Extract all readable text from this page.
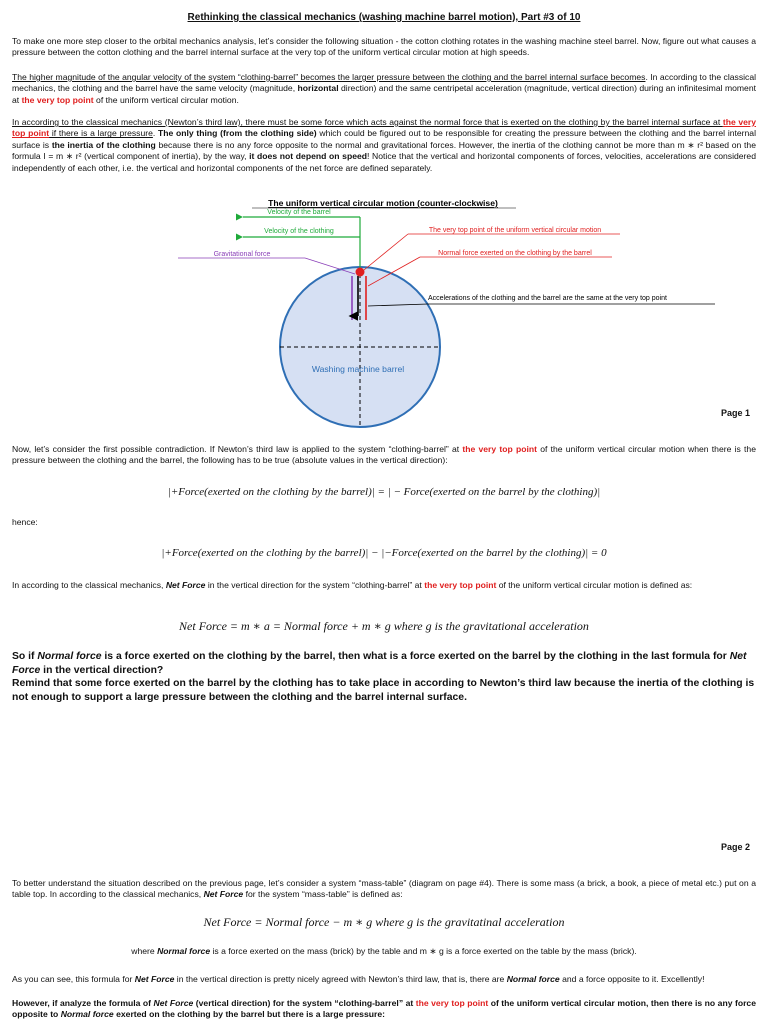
Rethinking the classical mechanics (washing machine barrel motion), Part #3 of 10
To make one more step closer to the orbital mechanics analysis, let’s consider the following situation - the cotton clothing rotates in the washing machine steel barrel. Now, figure out what causes a pressure between the cotton clothing and the barrel internal surface at the very top of the uniform vertical circular motion at high speeds.
The higher magnitude of the angular velocity of the system “clothing-barrel” becomes the larger pressure between the clothing and the barrel internal surface becomes. In according to the classical mechanics, the clothing and the barrel have the same velocity (magnitude, horizontal direction) and the same centripetal acceleration (magnitude, vertical direction) during an infinitesimal moment at the very top point of the uniform vertical circular motion.
In according to the classical mechanics (Newton’s third law), there must be some force which acts against the normal force that is exerted on the clothing by the barrel internal surface at the very top point if there is a large pressure. The only thing (from the clothing side) which could be figured out to be responsible for creating the pressure between the clothing and the barrel internal surface is the inertia of the clothing because there is no any force opposite to the normal and gravitational forces. However, the inertia of the clothing cannot be more than m ∗ r² based on the formula I = m ∗ r² (vertical component of inertia), by the way, it does not depend on speed! Notice that the vertical and horizontal components of forces, velocities, accelerations are considered independently of each other, i.e. the vertical and horizontal components of the net force are defined separately.
The uniform vertical circular motion (counter-clockwise)
Washing machine barrel
Velocity of the barrel
Velocity of the clothing
Gravitational force
The very top point of the uniform vertical circular motion
Normal force exerted on the clothing by the barrel
Accelerations of the clothing and the barrel are the same at the very top point
Page 1
Now, let’s consider the first possible contradiction. If Newton’s third law is applied to the system “clothing-barrel” at the very top point of the uniform vertical circular motion when there is the pressure between the clothing and the barrel, the following has to be true (absolute values in the vertical direction):
|+Force(exerted on the clothing by the barrel)| = | − Force(exerted on the barrel by the clothing)|
hence:
|+Force(exerted on the clothing by the barrel)| − |−Force(exerted on the barrel by the clothing)| = 0
In according to the classical mechanics, Net Force in the vertical direction for the system “clothing-barrel” at the very top point of the uniform vertical circular motion is defined as:
Net Force = m ∗ a = Normal force + m ∗ g where g is the gravitational acceleration
So if Normal force is a force exerted on the clothing by the barrel, then what is a force exerted on the barrel by the clothing in the last formula for Net Force in the vertical direction?
Remind that some force exerted on the barrel by the clothing has to take place in according to Newton’s third law because the inertia of the clothing is not enough to support a large pressure between the clothing and the barrel internal surface.
Page 2
To better understand the situation described on the previous page, let’s consider a system “mass-table” (diagram on page #4). There is some mass (a brick, a book, a piece of metal etc.) put on a table top. In according to the classical mechanics, Net Force for the system “mass-table” is defined as:
Net Force = Normal force − m ∗ g where g is the gravitatinal acceleration
where Normal force is a force exerted on the mass (brick) by the table and m ∗ g is a force exerted on the table by the mass (brick).
As you can see, this formula for Net Force in the vertical direction is pretty nicely agreed with Newton’s third law, that is, there are Normal force and a force opposite to it. Excellently!
However, if analyze the formula of Net Force (vertical direction) for the system “clothing-barrel” at the very top point of the uniform vertical circular motion, then there is no any force opposite to Normal force exerted on the clothing by the barrel but there is a large pressure:
